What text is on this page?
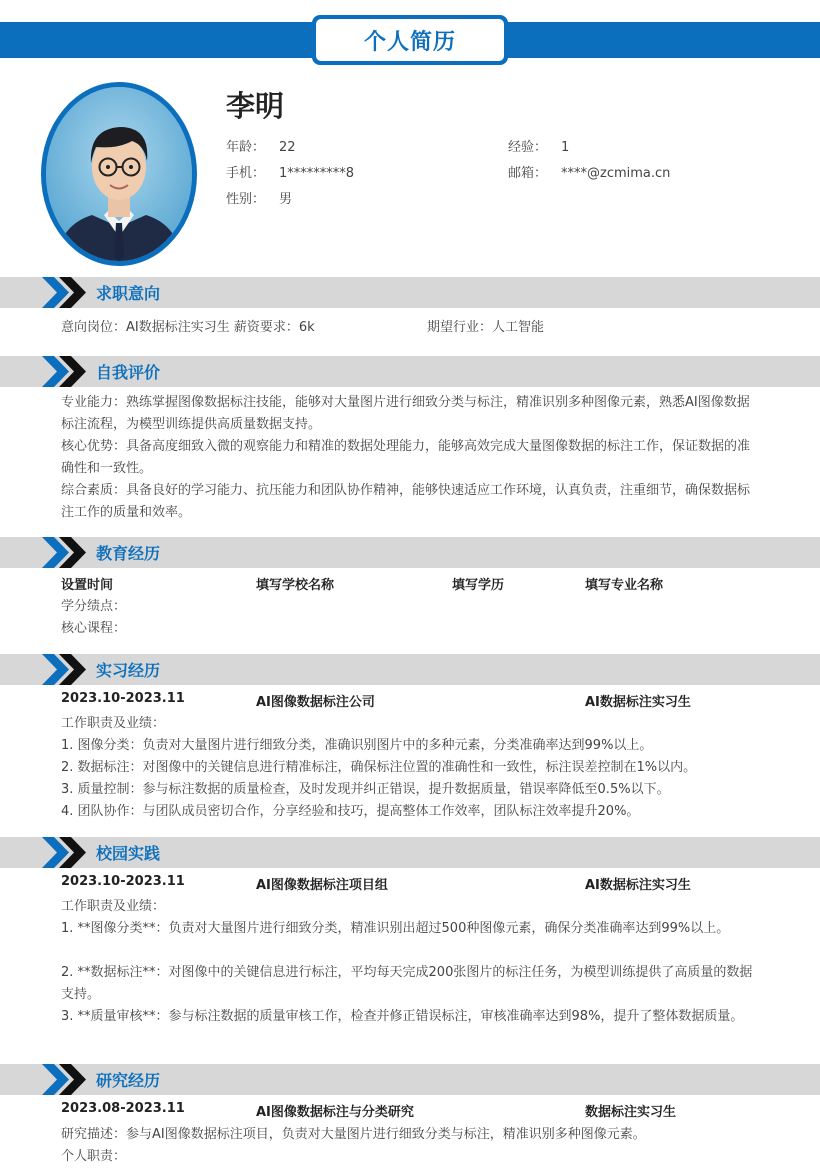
个人简历
李明
年龄： 22	经验： 1
手机： 1*********8	邮箱： ****@zcmima.cn
性别： 男
求职意向
意向岗位：AI数据标注实习生 薪资要求：6k	期望行业：人工智能
自我评价
专业能力：熟练掌握图像数据标注技能，能够对大量图片进行细致分类与标注，精准识别多种图像元素，熟悉AI图像数据标注流程，为模型训练提供高质量数据支持。
核心优势：具备高度细致入微的观察能力和精准的数据处理能力，能够高效完成大量图像数据的标注工作，保证数据的准确性和一致性。
综合素质：具备良好的学习能力、抗压能力和团队协作精神，能够快速适应工作环境，认真负责，注重细节，确保数据标注工作的质量和效率。
教育经历
设置时间	填写学校名称	填写学历	填写专业名称
学分绩点：
核心课程：
实习经历
2023.10-2023.11	AI图像数据标注公司	AI数据标注实习生
工作职责及业绩：
1. 图像分类：负责对大量图片进行细致分类，准确识别图片中的多种元素，分类准确率达到99%以上。
2. 数据标注：对图像中的关键信息进行精准标注，确保标注位置的准确性和一致性，标注误差控制在1%以内。
3. 质量控制：参与标注数据的质量检查，及时发现并纠正错误，提升数据质量，错误率降低至0.5%以下。
4. 团队协作：与团队成员密切合作，分享经验和技巧，提高整体工作效率，团队标注效率提升20%。
校园实践
2023.10-2023.11	AI图像数据标注项目组	AI数据标注实习生
工作职责及业绩：
1. **图像分类**：负责对大量图片进行细致分类，精准识别出超过500种图像元素，确保分类准确率达到99%以上。
2. **数据标注**：对图像中的关键信息进行标注，平均每天完成200张图片的标注任务，为模型训练提供了高质量的数据支持。
3. **质量审核**：参与标注数据的质量审核工作，检查并修正错误标注，审核准确率达到98%，提升了整体数据质量。
研究经历
2023.08-2023.11	AI图像数据标注与分类研究	数据标注实习生
研究描述：参与AI图像数据标注项目，负责对大量图片进行细致分类与标注，精准识别多种图像元素。
个人职责：
